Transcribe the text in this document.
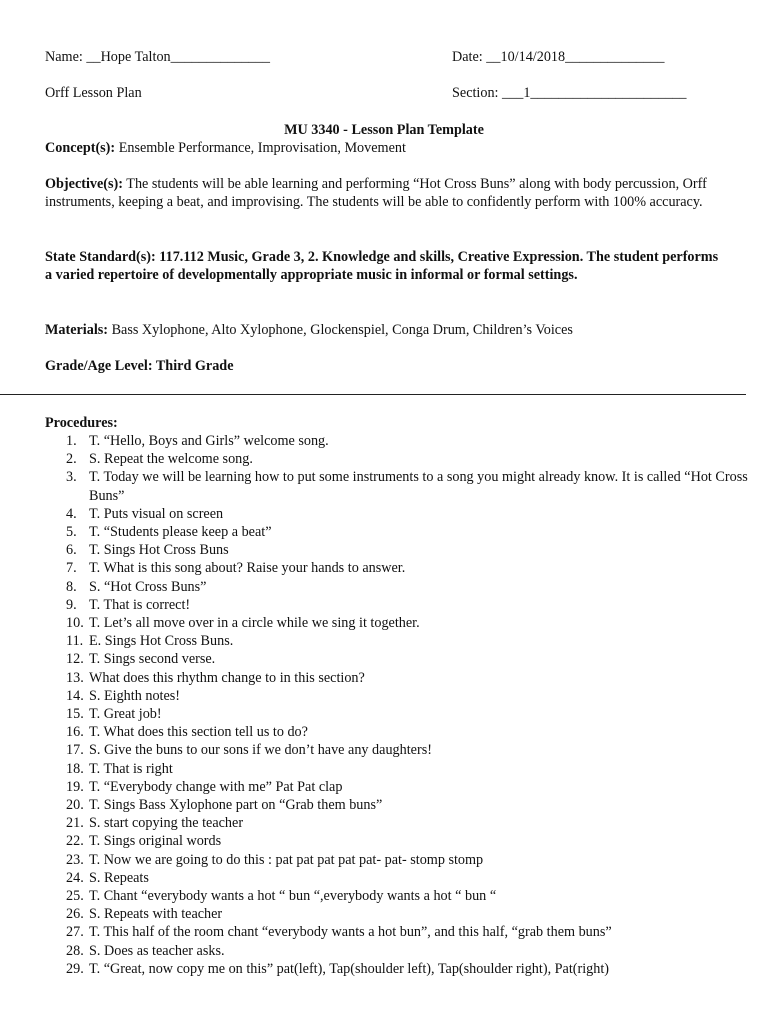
Name: __Hope Talton______________	Date: __10/14/2018______________
Orff Lesson Plan	Section: ___1______________________
MU 3340 - Lesson Plan Template
Concept(s): Ensemble Performance, Improvisation, Movement
Objective(s): The students will be able learning and performing “Hot Cross Buns” along with body percussion, Orff instruments, keeping a beat, and improvising. The students will be able to confidently perform with 100% accuracy.
State Standard(s): 117.112 Music, Grade 3, 2. Knowledge and skills, Creative Expression. The student performs a varied repertoire of developmentally appropriate music in informal or formal settings.
Materials: Bass Xylophone, Alto Xylophone, Glockenspiel, Conga Drum, Children’s Voices
Grade/Age Level: Third Grade
Procedures:
1. T. “Hello, Boys and Girls” welcome song.
2. S. Repeat the welcome song.
3. T. Today we will be learning how to put some instruments to a song you might already know. It is called “Hot Cross Buns”
4. T. Puts visual on screen
5. T. “Students please keep a beat”
6. T. Sings Hot Cross Buns
7. T. What is this song about? Raise your hands to answer.
8. S. “Hot Cross Buns”
9. T. That is correct!
10. T. Let’s all move over in a circle while we sing it together.
11. E. Sings Hot Cross Buns.
12. T. Sings second verse.
13. What does this rhythm change to in this section?
14. S. Eighth notes!
15. T. Great job!
16. T. What does this section tell us to do?
17. S. Give the buns to our sons if we don’t have any daughters!
18. T. That is right
19. T. “Everybody change with me” Pat Pat clap
20. T. Sings Bass Xylophone part on “Grab them buns”
21. S. start copying the teacher
22. T. Sings original words
23. T. Now we are going to do this : pat pat pat pat pat- pat- stomp stomp
24. S. Repeats
25. T. Chant “everybody wants a hot “ bun “,everybody wants a hot “ bun “
26. S. Repeats with teacher
27. T. This half of the room chant “everybody wants a hot bun”, and this half, “grab them buns”
28. S. Does as teacher asks.
29. T. “Great, now copy me on this” pat(left), Tap(shoulder left), Tap(shoulder right), Pat(right)
